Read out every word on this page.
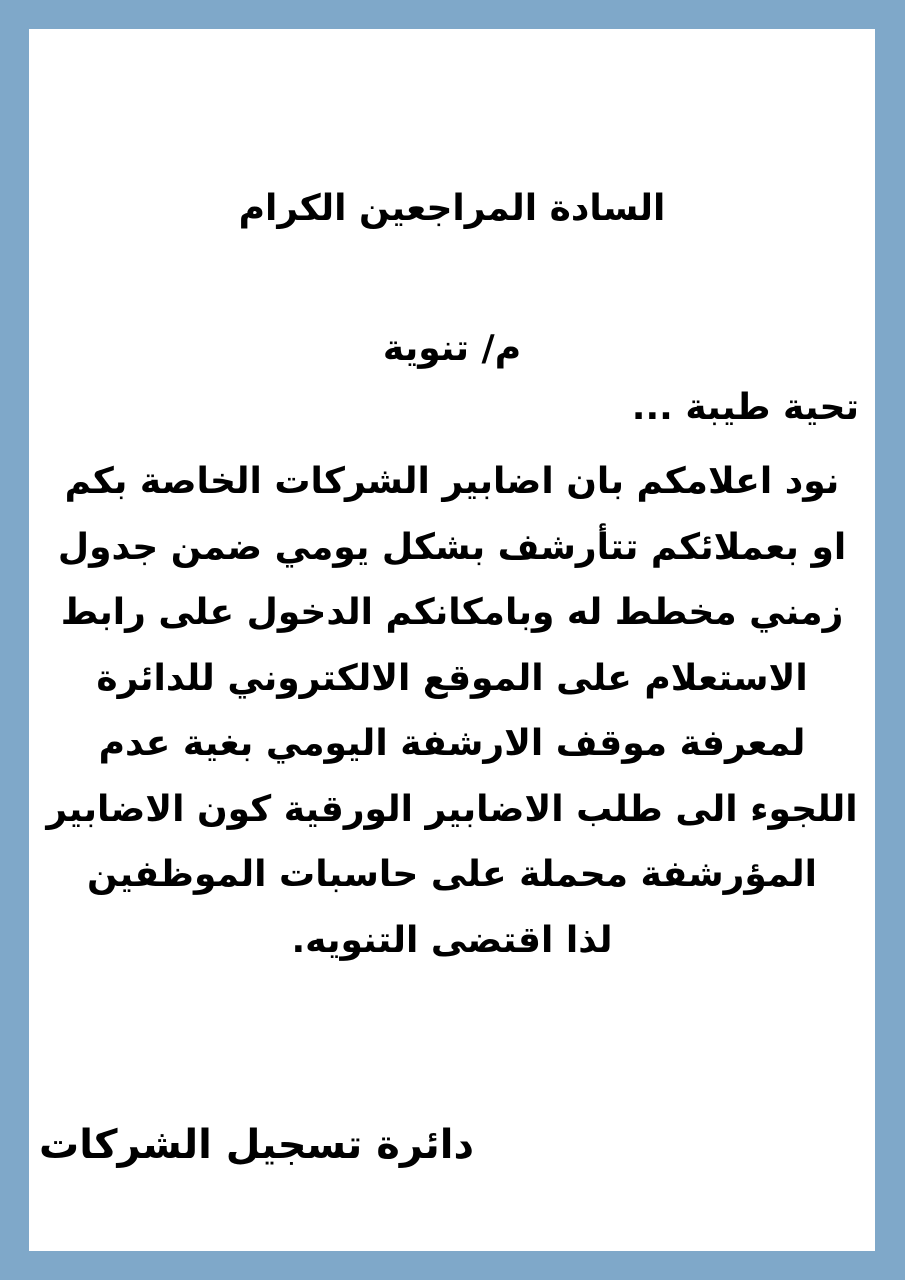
السادة المراجعين الكرام
م/ تنوية
تحية طيبة ...
نود اعلامكم بان اضابير الشركات الخاصة بكم
او بعملائكم تتأرشف بشكل يومي ضمن جدول
زمني مخطط له وبامكانكم الدخول على رابط
الاستعلام على الموقع الالكتروني للدائرة
لمعرفة موقف الارشفة اليومي بغية عدم
اللجوء الى طلب الاضابير الورقية كون الاضابير
المؤرشفة محملة على حاسبات الموظفين
لذا اقتضى التنويه.
دائرة تسجيل الشركات
